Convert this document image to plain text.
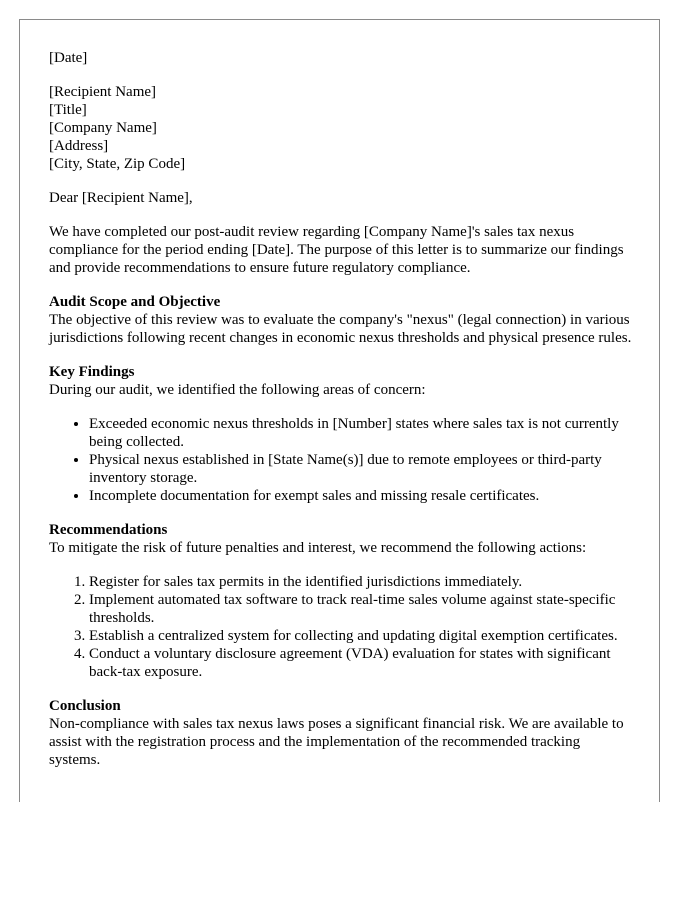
[Date]

[Recipient Name]
[Title]
[Company Name]
[Address]
[City, State, Zip Code]

Dear [Recipient Name],

We have completed our post-audit review regarding [Company Name]'s sales tax nexus compliance for the period ending [Date]. The purpose of this letter is to summarize our findings and provide recommendations to ensure future regulatory compliance.

Audit Scope and Objective

The objective of this review was to evaluate the company's "nexus" (legal connection) in various jurisdictions following recent changes in economic nexus thresholds and physical presence rules.

Key Findings

During our audit, we identified the following areas of concern:

• Exceeded economic nexus thresholds in [Number] states where sales tax is not currently being collected.
• Physical nexus established in [State Name(s)] due to remote employees or third-party inventory storage.
• Incomplete documentation for exempt sales and missing resale certificates.
Recommendations

To mitigate the risk of future penalties and interest, we recommend the following actions:

1. Register for sales tax permits in the identified jurisdictions immediately.
2. Implement automated tax software to track real-time sales volume against state-specific thresholds.
3. Establish a centralized system for collecting and updating digital exemption certificates.
4. Conduct a voluntary disclosure agreement (VDA) evaluation for states with significant back-tax exposure.
Conclusion

Non-compliance with sales tax nexus laws poses a significant financial risk. We are available to assist with the registration process and the implementation of the recommended tracking systems.
